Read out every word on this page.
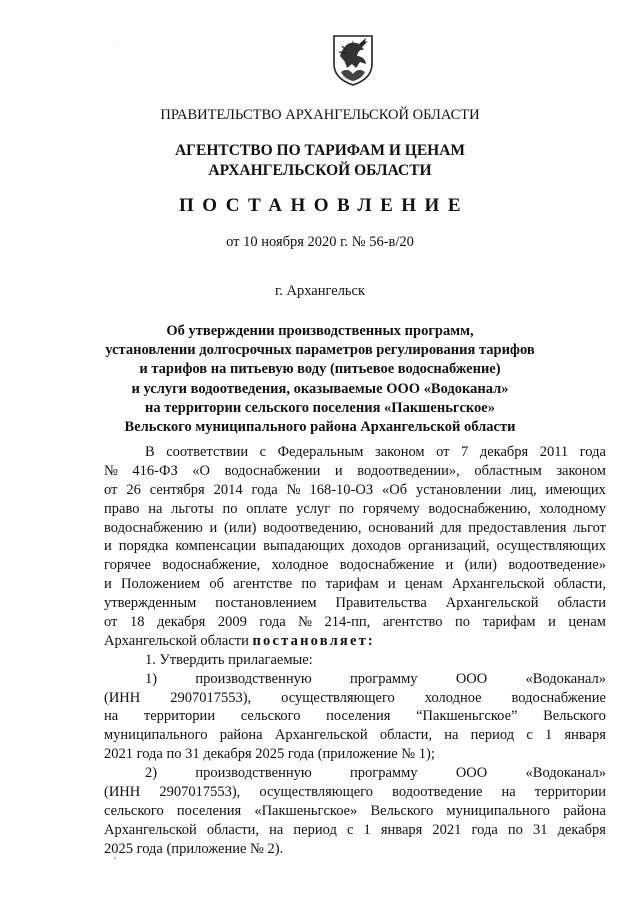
ПРАВИТЕЛЬСТВО АРХАНГЕЛЬСКОЙ ОБЛАСТИ
АГЕНТСТВО ПО ТАРИФАМ И ЦЕНАМ
АРХАНГЕЛЬСКОЙ ОБЛАСТИ
ПОСТАНОВЛЕНИЕ
от 10 ноября 2020 г. № 56-в/20
г. Архангельск
Об утверждении производственных программ,
установлении долгосрочных параметров регулирования тарифов
и тарифов на питьевую воду (питьевое водоснабжение)
и услуги водоотведения, оказываемые ООО «Водоканал»
на территории сельского поселения «Пакшеньгское»
Вельского муниципального района Архангельской области
В соответствии с Федеральным законом от 7 декабря 2011 года
№ 416-ФЗ «О водоснабжении и водоотведении», областным законом
от 26 сентября 2014 года № 168-10-ОЗ «Об установлении лиц, имеющих
право на льготы по оплате услуг по горячему водоснабжению, холодному
водоснабжению и (или) водоотведению, оснований для предоставления льгот
и порядка компенсации выпадающих доходов организаций, осуществляющих
горячее водоснабжение, холодное водоснабжение и (или) водоотведение»
и Положением об агентстве по тарифам и ценам Архангельской области,
утвержденным постановлением Правительства Архангельской области
от 18 декабря 2009 года № 214-пп, агентство по тарифам и ценам
Архангельской области
постановляет:
1. Утвердить прилагаемые:
1)	производственную	программу	ООО	«Водоканал»
(ИНН 2907017553), осуществляющего холодное водоснабжение
на территории сельского поселения “Пакшеньгское” Вельского
муниципального района Архангельской области, на период с 1 января
2021 года по 31 декабря 2025 года (приложение № 1);
2)	производственную	программу	ООО	«Водоканал»
(ИНН 2907017553), осуществляющего водоотведение на территории
сельского поселения «Пакшеньгское» Вельского муниципального района
Архангельской области, на период с 1 января 2021 года по 31 декабря
2025 года (приложение № 2).
